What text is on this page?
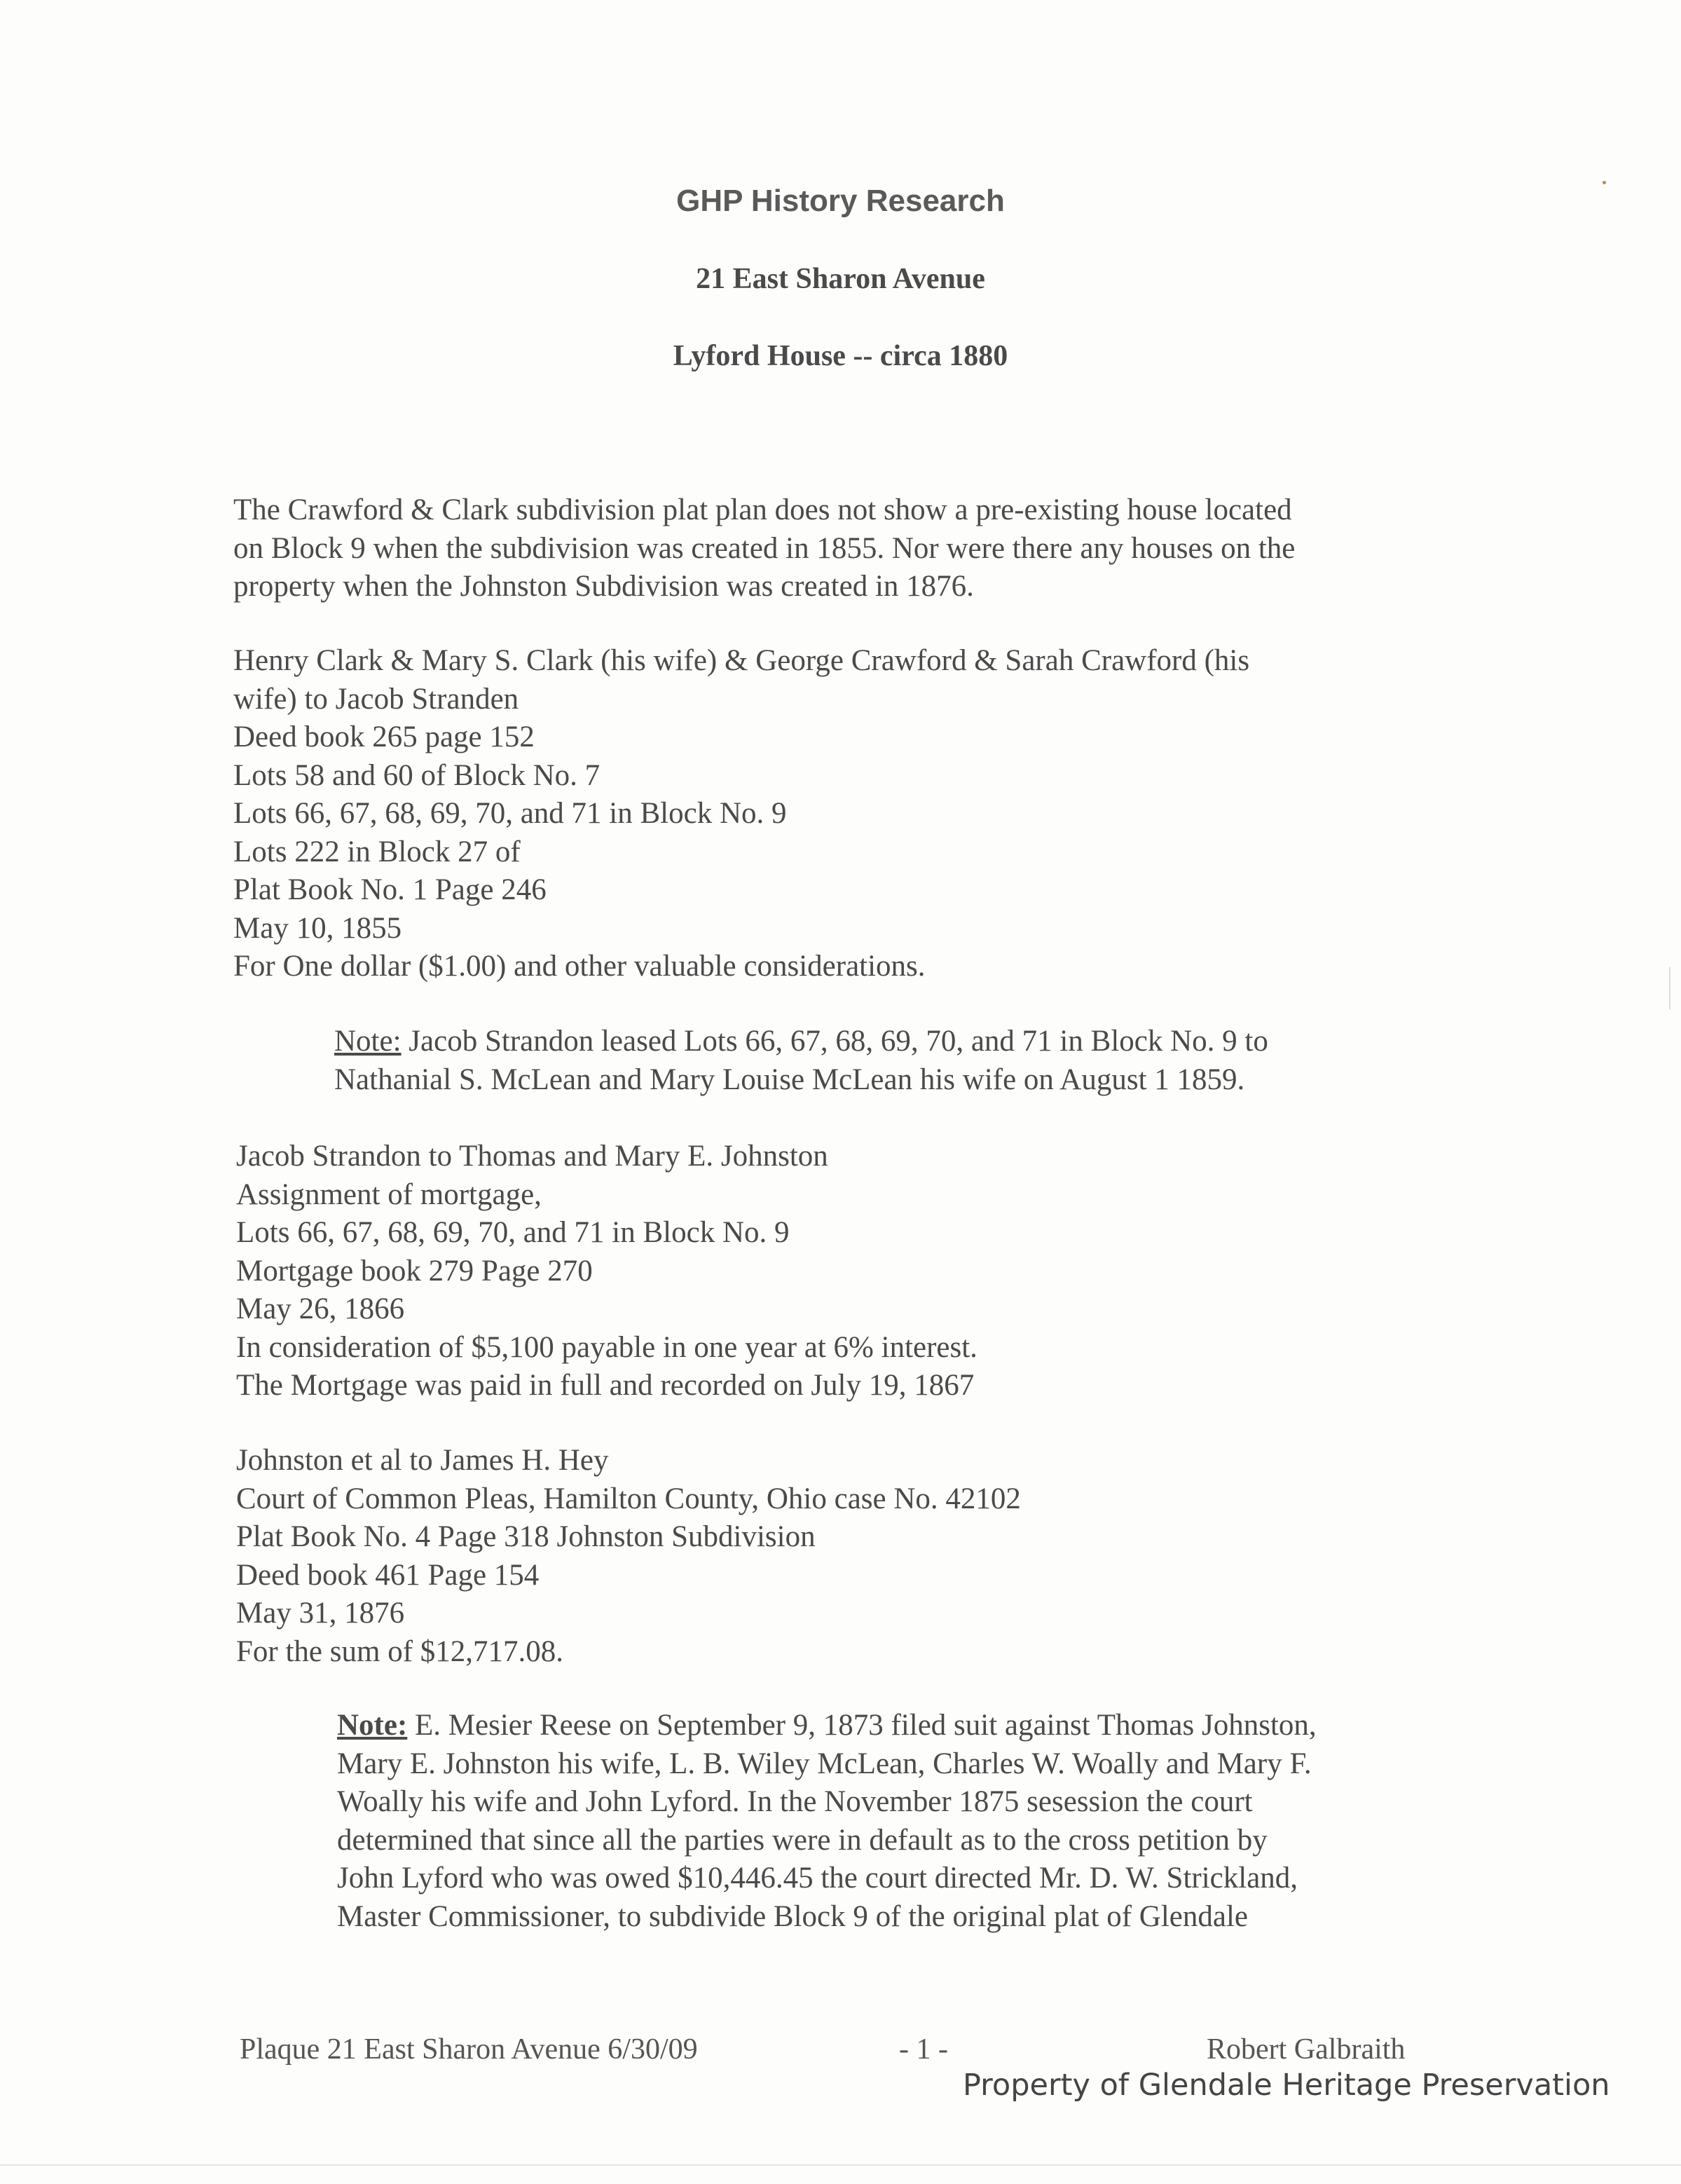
GHP History Research
21 East Sharon Avenue
Lyford House -- circa 1880
The Crawford & Clark subdivision plat plan does not show a pre-existing house located
on Block 9 when the subdivision was created in 1855. Nor were there any houses on the
property when the Johnston Subdivision was created in 1876.
Henry Clark & Mary S. Clark (his wife) & George Crawford & Sarah Crawford (his
wife) to Jacob Stranden
Deed book 265 page 152
Lots 58 and 60 of Block No. 7
Lots 66, 67, 68, 69, 70, and 71 in Block No. 9
Lots 222 in Block 27 of
Plat Book No. 1 Page 246
May 10, 1855
For One dollar ($1.00) and other valuable considerations.
Note: Jacob Strandon leased Lots 66, 67, 68, 69, 70, and 71 in Block No. 9 to
Nathanial S. McLean and Mary Louise McLean his wife on August 1 1859.
Jacob Strandon to Thomas and Mary E. Johnston
Assignment of mortgage,
Lots 66, 67, 68, 69, 70, and 71 in Block No. 9
Mortgage book 279 Page 270
May 26, 1866
In consideration of $5,100 payable in one year at 6% interest.
The Mortgage was paid in full and recorded on July 19, 1867
Johnston et al to James H. Hey
Court of Common Pleas, Hamilton County, Ohio case No. 42102
Plat Book No. 4 Page 318 Johnston Subdivision
Deed book 461 Page 154
May 31, 1876
For the sum of $12,717.08.
Note: E. Mesier Reese on September 9, 1873 filed suit against Thomas Johnston,
Mary E. Johnston his wife, L. B. Wiley McLean, Charles W. Woally and Mary F.
Woally his wife and John Lyford. In the November 1875 sesession the court
determined that since all the parties were in default as to the cross petition by
John Lyford who was owed $10,446.45 the court directed Mr. D. W. Strickland,
Master Commissioner, to subdivide Block 9 of the original plat of Glendale
Plaque 21 East Sharon Avenue 6/30/09	- 1 -	Robert Galbraith
Property of Glendale Heritage Preservation
